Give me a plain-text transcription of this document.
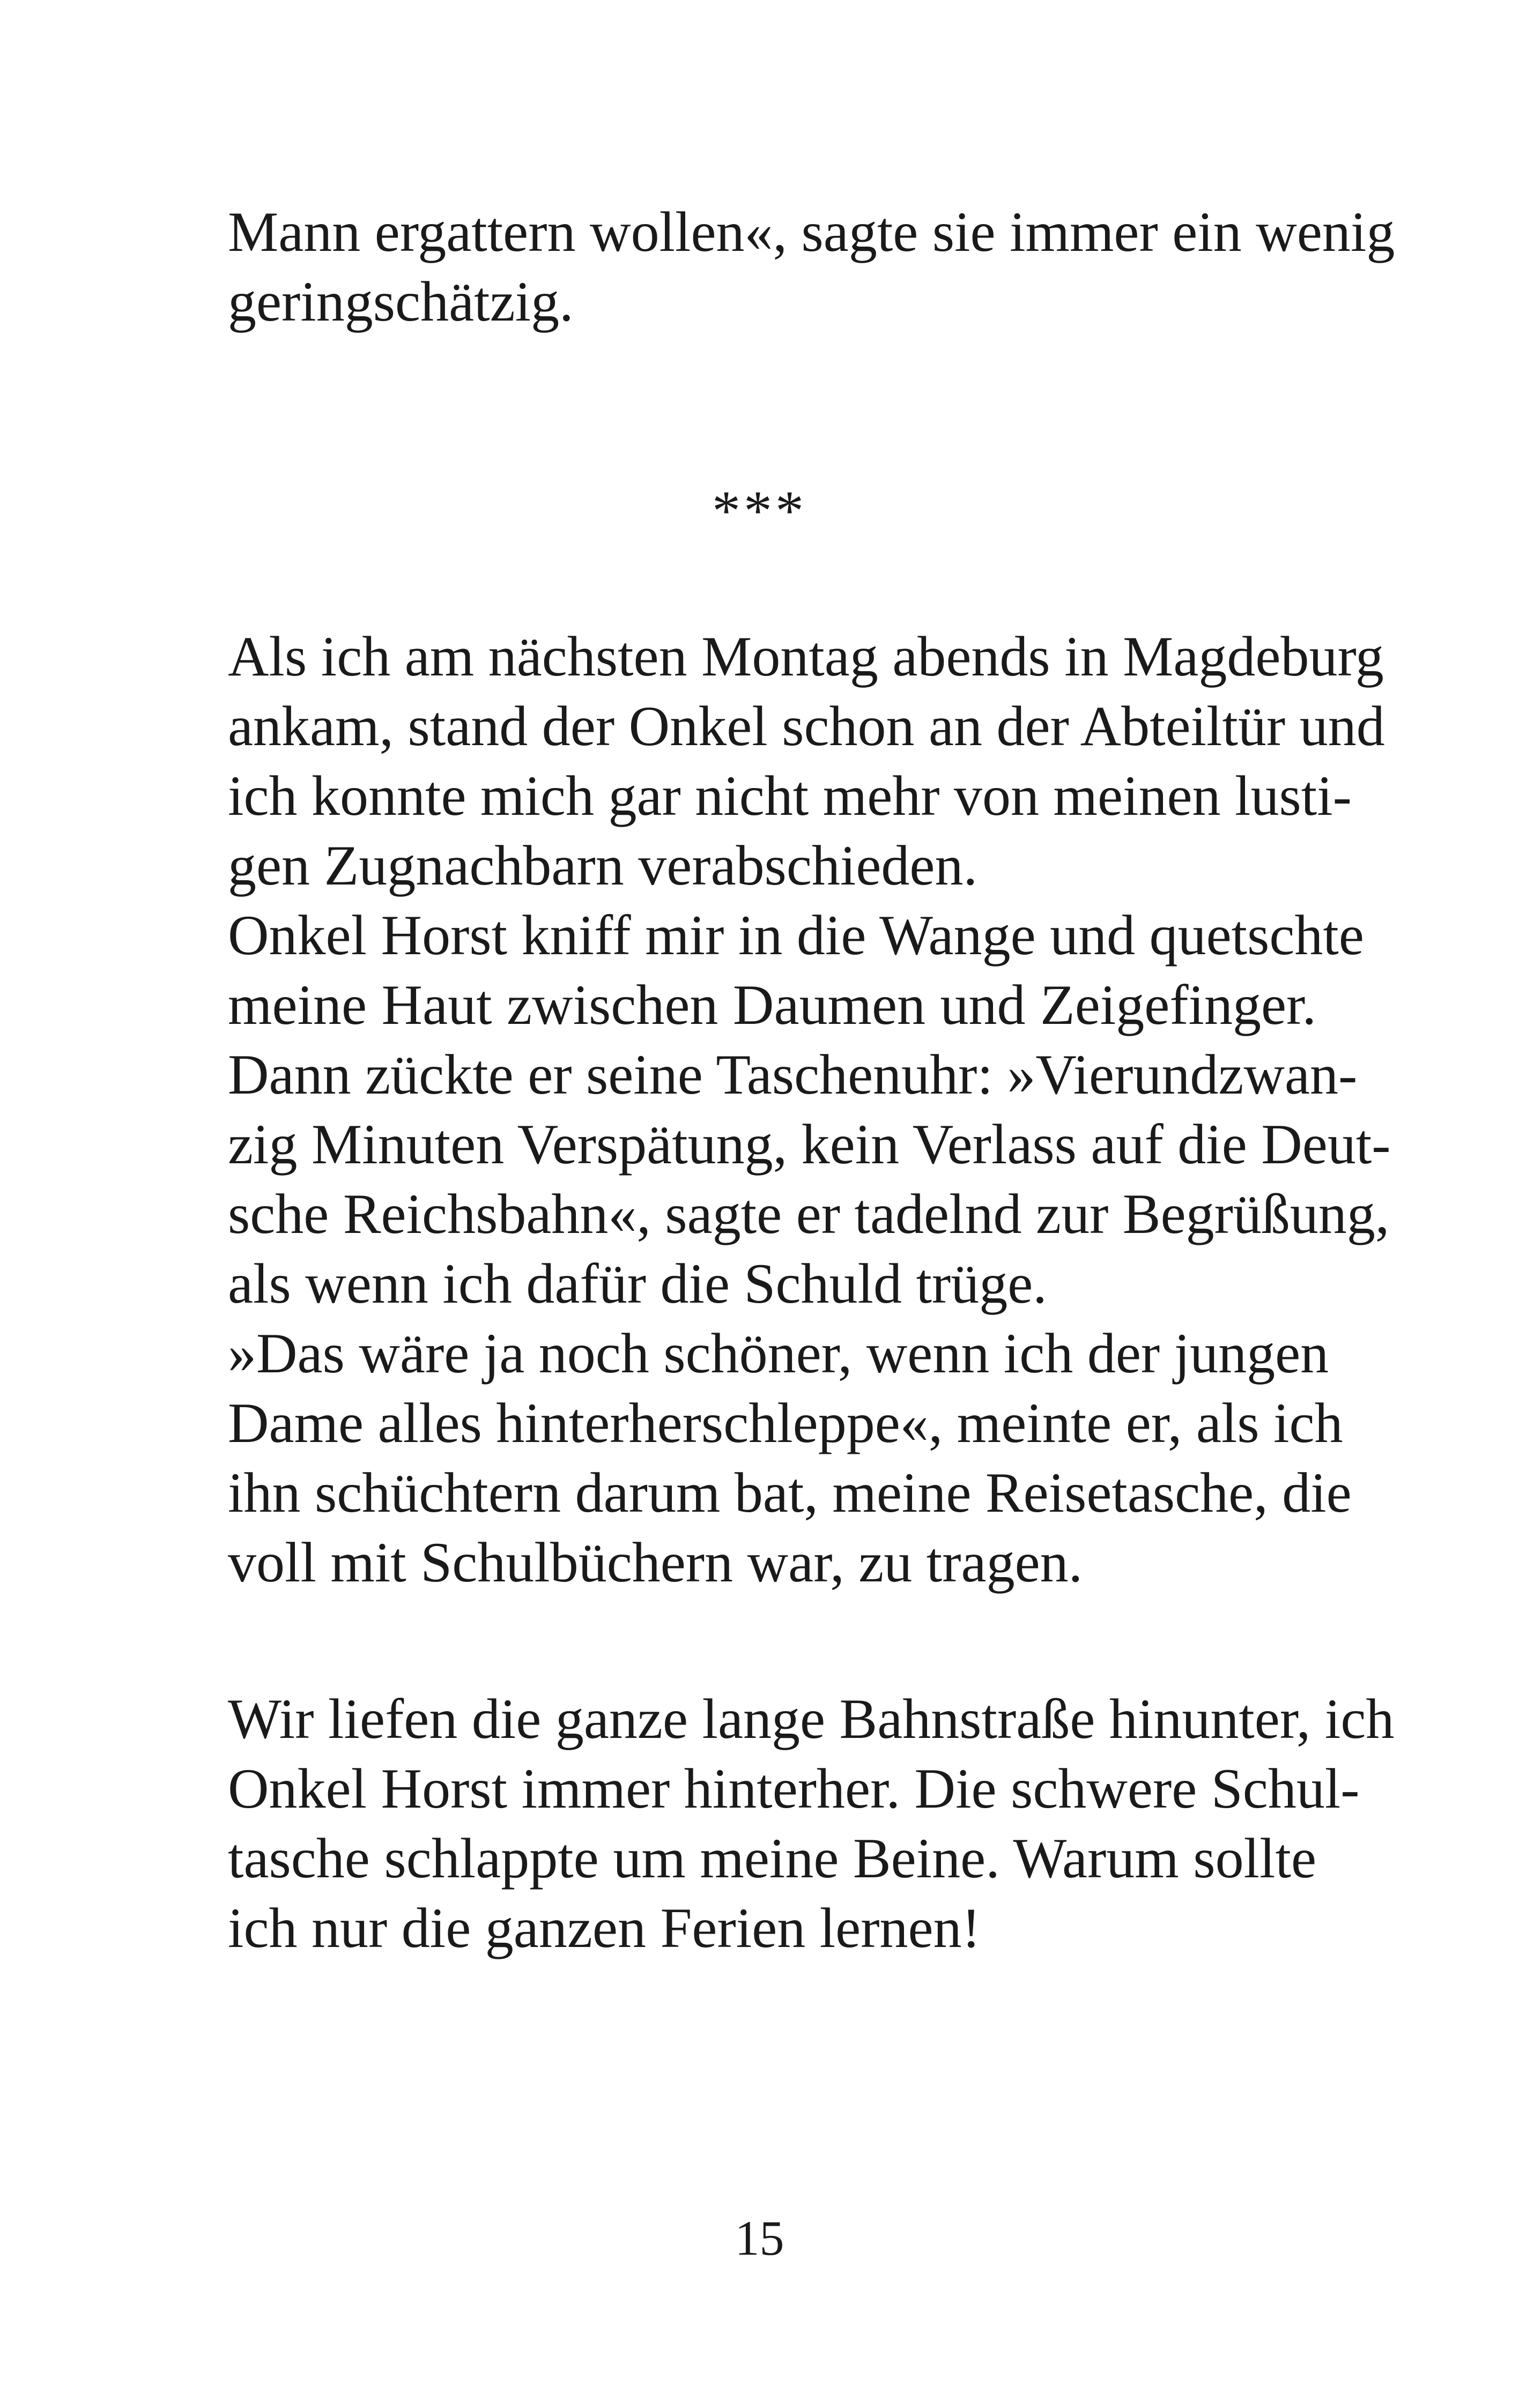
Mann ergattern wollen«, sagte sie immer ein wenig
geringschätzig.
***
Als ich am nächsten Montag abends in Magdeburg
ankam, stand der Onkel schon an der Abteiltür und
ich konnte mich gar nicht mehr von meinen lusti-
gen Zugnachbarn verabschieden.
Onkel Horst kniff mir in die Wange und quetschte
meine Haut zwischen Daumen und Zeigefinger.
Dann zückte er seine Taschenuhr: »Vierundzwan-
zig Minuten Verspätung, kein Verlass auf die Deut-
sche Reichsbahn«, sagte er tadelnd zur Begrüßung,
als wenn ich dafür die Schuld trüge.
»Das wäre ja noch schöner, wenn ich der jungen
Dame alles hinterherschleppe«, meinte er, als ich
ihn schüchtern darum bat, meine Reisetasche, die
voll mit Schulbüchern war, zu tragen.
Wir liefen die ganze lange Bahnstraße hinunter, ich
Onkel Horst immer hinterher. Die schwere Schul-
tasche schlappte um meine Beine. Warum sollte
ich nur die ganzen Ferien lernen!
15
